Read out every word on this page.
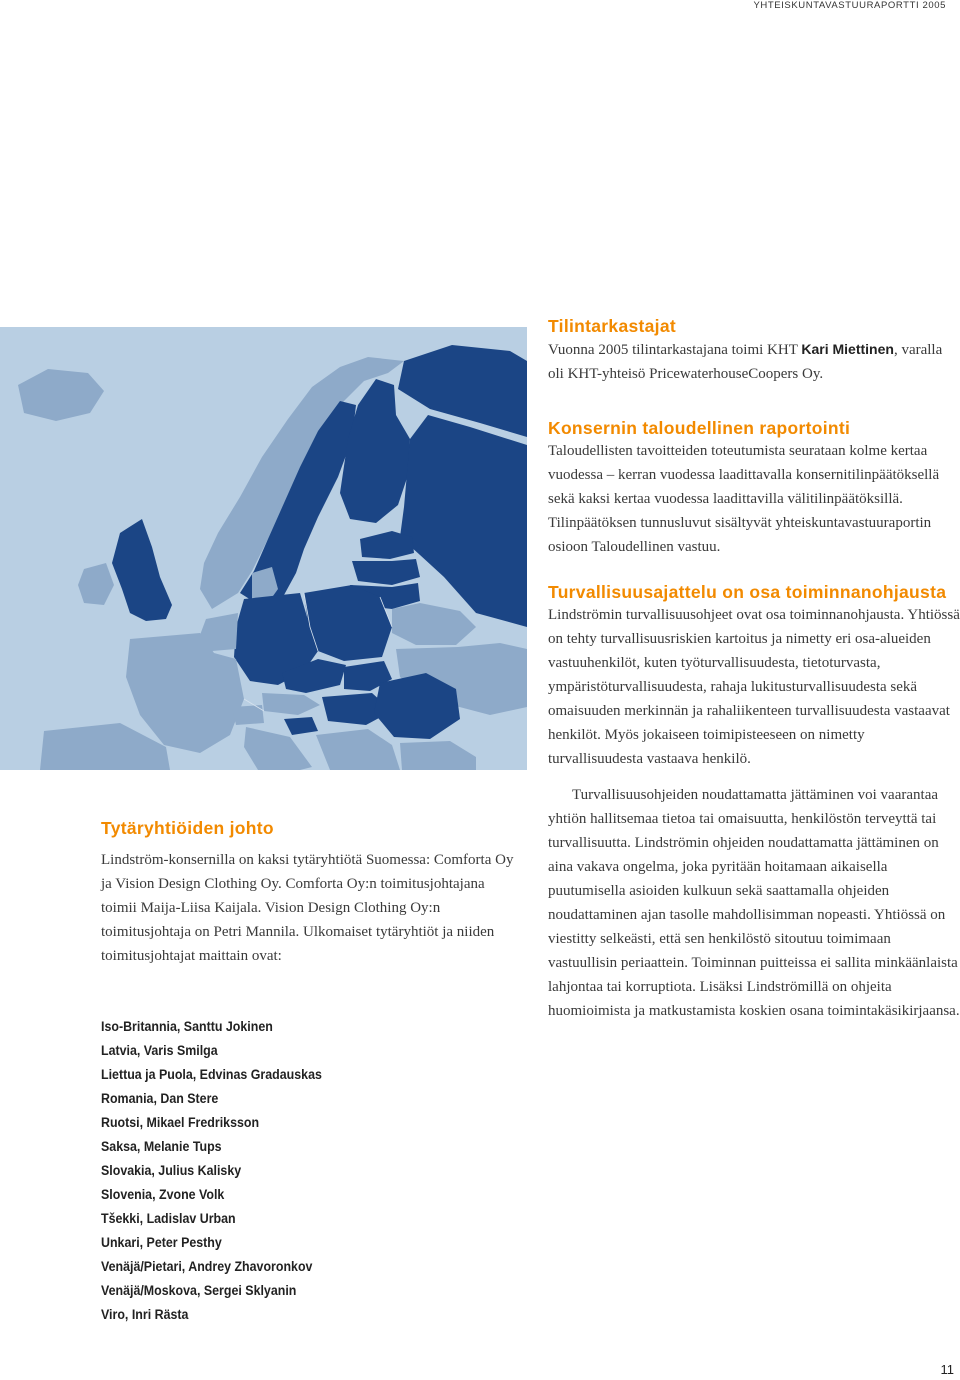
YHTEISKUNTAVASTUURAPORTTI 2005
Tilintarkastajat

Vuonna 2005 tilintarkastajana toimi KHT Kari Miettinen, varalla oli KHT-yhteisö PricewaterhouseCoopers Oy.

Konsernin taloudellinen raportointi

Taloudellisten tavoitteiden toteutumista seurataan kolme kertaa vuodessa – kerran vuodessa laadittavalla konsernitilinpäätöksellä sekä kaksi kertaa vuodessa laadittavilla välitilinpäätöksillä. Tilinpäätöksen tunnusluvut sisältyvät yhteiskuntavastuuraportin osioon Taloudellinen vastuu.

Turvallisuusajattelu on osa toiminnanohjausta

Lindströmin turvallisuusohjeet ovat osa toiminnanohjausta. Yhtiössä on tehty turvallisuusriskien kartoitus ja nimetty eri osa-alueiden vastuuhenkilöt, kuten työturvallisuudesta, tietoturvasta, ympäristöturvallisuudesta, rahaja lukitusturvallisuudesta sekä omaisuuden merkinnän ja rahaliikenteen turvallisuudesta vastaavat henkilöt. Myös jokaiseen toimipisteeseen on nimetty turvallisuudesta vastaava henkilö.

Turvallisuusohjeiden noudattamatta jättäminen voi vaarantaa yhtiön hallitsemaa tietoa tai omaisuutta, henkilöstön terveyttä tai turvallisuutta. Lindströmin ohjeiden noudattamatta jättäminen on aina vakava ongelma, joka pyritään hoitamaan aikaisella puutumisella asioiden kulkuun sekä saattamalla ohjeiden noudattaminen ajan tasolle mahdollisimman nopeasti. Yhtiössä on viestitty selkeästi, että sen henkilöstö sitoutuu toimimaan vastuullisin periaattein. Toiminnan puitteissa ei sallita minkäänlaista lahjontaa tai korruptiota. Lisäksi Lindströmillä on ohjeita huomioimista ja matkustamista koskien osana toimintakäsikirjaansa.

Tytäryhtiöiden johto

Lindström-konsernilla on kaksi tytäryhtiötä Suomessa: Comforta Oy ja Vision Design Clothing Oy. Comforta Oy:n toimitusjohtajana toimii Maija-Liisa Kaijala. Vision Design Clothing Oy:n toimitusjohtaja on Petri Mannila. Ulkomaiset tytäryhtiöt ja niiden toimitusjohtajat maittain ovat:

Iso-Britannia, Santtu Jokinen
Latvia, Varis Smilga
Liettua ja Puola, Edvinas Gradauskas
Romania, Dan Stere
Ruotsi, Mikael Fredriksson
Saksa, Melanie Tups
Slovakia, Julius Kalisky
Slovenia, Zvone Volk
Tšekki, Ladislav Urban
Unkari, Peter Pesthy
Venäjä/Pietari, Andrey Zhavoronkov
Venäjä/Moskova, Sergei Sklyanin
Viro, Inri Rästa
11
